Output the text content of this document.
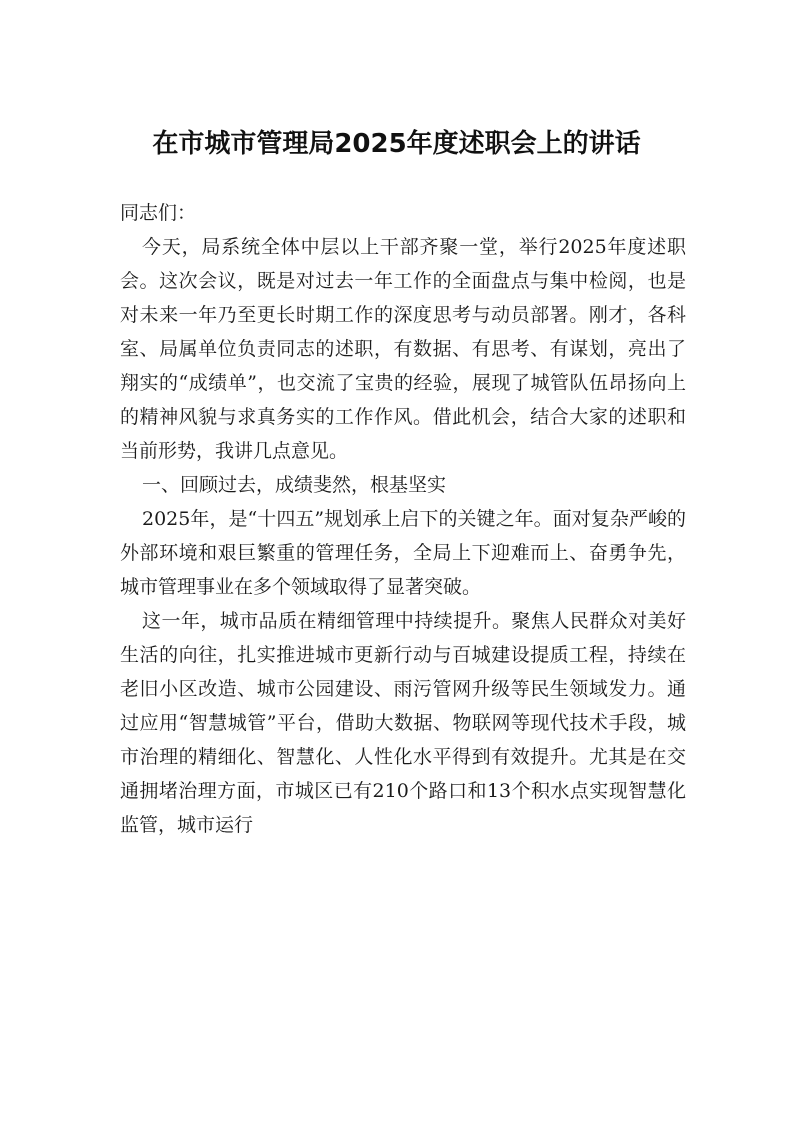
在市城市管理局2025年度述职会上的讲话

同志们：

今天，局系统全体中层以上干部齐聚一堂，举行2025年度述职会。这次会议，既是对过去一年工作的全面盘点与集中检阅，也是对未来一年乃至更长时期工作的深度思考与动员部署。刚才，各科室、局属单位负责同志的述职，有数据、有思考、有谋划，亮出了翔实的“成绩单”，也交流了宝贵的经验，展现了城管队伍昂扬向上的精神风貌与求真务实的工作作风。借此机会，结合大家的述职和当前形势，我讲几点意见。

一、回顾过去，成绩斐然，根基坚实

2025年，是“十四五”规划承上启下的关键之年。面对复杂严峻的外部环境和艰巨繁重的管理任务，全局上下迎难而上、奋勇争先，城市管理事业在多个领域取得了显著突破。

这一年，城市品质在精细管理中持续提升。聚焦人民群众对美好生活的向往，扎实推进城市更新行动与百城建设提质工程，持续在老旧小区改造、城市公园建设、雨污管网升级等民生领域发力。通过应用“智慧城管”平台，借助大数据、物联网等现代技术手段，城市治理的精细化、智慧化、人性化水平得到有效提升。尤其是在交通拥堵治理方面，市城区已有210个路口和13个积水点实现智慧化监管，城市运行
